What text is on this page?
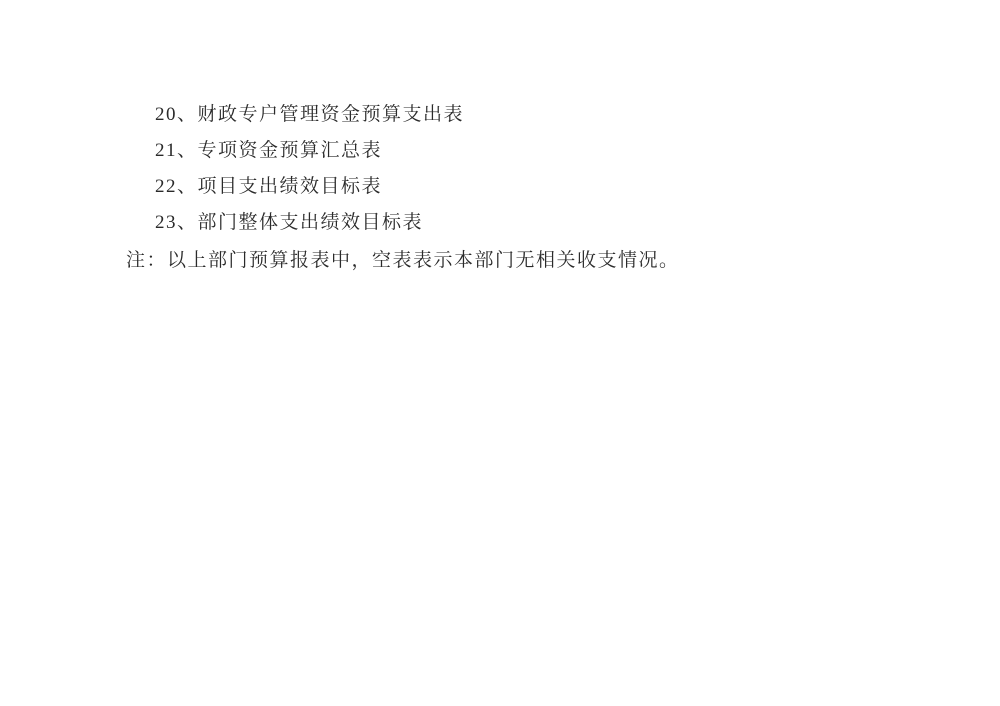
20、财政专户管理资金预算支出表
21、专项资金预算汇总表
22、项目支出绩效目标表
23、部门整体支出绩效目标表
注：以上部门预算报表中，空表表示本部门无相关收支情况。
